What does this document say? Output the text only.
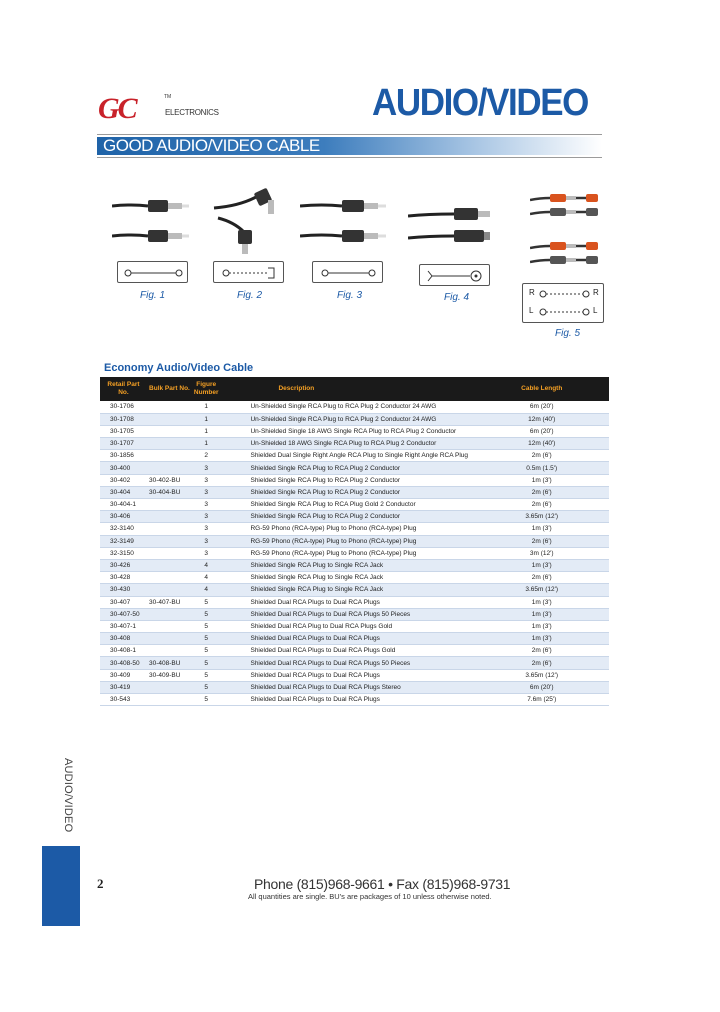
GC	TM
ELECTRONICS	AUDIO/VIDEO
GOOD AUDIO/VIDEO CABLE
Fig. 1	Fig. 2	Fig. 3	Fig. 4	R	R
L	L
Fig. 5
Economy Audio/Video Cable
Retail Part No.	Bulk Part No.	Figure Number	Description	Cable Length
30-1706		1	Un-Shielded Single RCA Plug to RCA Plug 2 Conductor 24 AWG	6m (20')
30-1708		1	Un-Shielded Single RCA Plug to RCA Plug 2 Conductor 24 AWG	12m (40')
30-1705		1	Un-Shielded Single 18 AWG Single RCA Plug to RCA Plug 2 Conductor	6m (20')
30-1707		1	Un-Shielded 18 AWG Single RCA Plug to RCA Plug 2 Conductor	12m (40')
30-1856		2	Shielded Dual Single Right Angle RCA Plug to Single Right Angle RCA Plug	2m (6')
30-400		3	Shielded Single RCA Plug to RCA Plug 2 Conductor	0.5m (1.5')
30-402	30-402-BU	3	Shielded Single RCA Plug to RCA Plug 2 Conductor	1m (3')
30-404	30-404-BU	3	Shielded Single RCA Plug to RCA Plug 2 Conductor	2m (6')
30-404-1		3	Shielded Single RCA Plug to RCA Plug Gold 2 Conductor	2m (6')
30-406		3	Shielded Single RCA Plug to RCA Plug 2 Conductor	3.65m (12')
32-3140		3	RG-59 Phono (RCA-type) Plug to Phono (RCA-type) Plug	1m (3')
32-3149		3	RG-59 Phono (RCA-type) Plug to Phono (RCA-type) Plug	2m (6')
32-3150		3	RG-59 Phono (RCA-type) Plug to Phono (RCA-type) Plug	3m (12')
30-426		4	Shielded Single RCA Plug to Single RCA Jack	1m (3')
30-428		4	Shielded Single RCA Plug to Single RCA Jack	2m (6')
30-430		4	Shielded Single RCA Plug to Single RCA Jack	3.65m (12')
30-407	30-407-BU	5	Shielded Dual RCA Plugs to Dual RCA Plugs	1m (3')
30-407-50		5	Shielded Dual RCA Plugs to Dual RCA Plugs 50 Pieces	1m (3')
30-407-1		5	Shielded Dual RCA Plug to Dual RCA Plugs Gold	1m (3')
30-408		5	Shielded Dual RCA Plugs to Dual RCA Plugs	1m (3')
30-408-1		5	Shielded Dual RCA Plugs to Dual RCA Plugs Gold	2m (6')
30-408-50	30-408-BU	5	Shielded Dual RCA Plugs to Dual RCA Plugs 50 Pieces	2m (6')
30-409	30-409-BU	5	Shielded Dual RCA Plugs to Dual RCA Plugs	3.65m (12')
30-419		5	Shielded Dual RCA Plugs to Dual RCA Plugs Stereo	6m (20')
30-543		5	Shielded Dual RCA Plugs to Dual RCA Plugs	7.6m (25')
AUDIO/VIDEO
2	Phone (815)968-9661 • Fax (815)968-9731
All quantities are single. BU's are packages of 10 unless otherwise noted.
